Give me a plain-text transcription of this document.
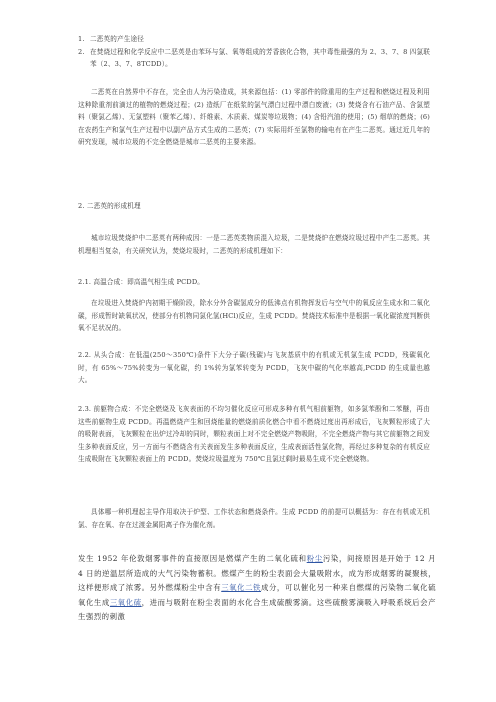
1. 二恶英的产生途径
2. 在焚烧过程和化学反应中二恶英是由苯环与氯、氧等组成的芳香族化合物，其中毒性最强的为 2、3、7、8 四氯联苯（2、3、7、8TCDD）。

二恶英在自然界中不存在，完全由人为污染造成，其来源包括：(1) 零部件的除重用的生产过程和燃烧过程及利用这种除重剂前滴过的植物的燃烧过程；(2) 造纸厂在纸浆的氯气漂白过程中漂白废液；(3) 焚烧含有石油产品、含氯塑料（聚氯乙烯）、无氯塑料（聚苯乙烯）、纤维素、木质素、煤炭等垃圾物；(4) 含铅汽油的使用；(5) 烟草的燃烧；(6) 在农药生产和氯气生产过程中以副产品方式生成的二恶英；(7) 实际用纤至氯物的输电有在产生二恶英。通过近几年的研究发现，城市垃圾的不完全燃烧是城市二恶英的主要来源。

2. 二恶英的形成机理

城市垃圾焚烧炉中二恶英有两种成因：一是二恶英类物质混入垃圾，二是焚烧炉在燃烧垃圾过程中产生二恶英。其机理相当复杂，有关研究认为，焚烧垃圾时，二恶英的形成机理如下：

2.1. 高温合成：即高温气相生成 PCDD。

在垃圾进入焚烧炉内初期干燥阶段，除水分外含碳氢成分的低沸点有机物挥发后与空气中的氧反应生成水和二氧化碳，形成暂时缺氧状况，使部分有机物同氯化氢(HCl)反应，生成 PCDD。焚烧技术标准中是根据一氧化碳浓度判断供氧不足状况的。

2.2. 从头合成：在低温(250～350℃)条件下大分子碳(残碳)与飞灰基质中的有机或无机氯生成 PCDD，残碳氧化时，有 65%～75%转变为一氧化碳，约 1%转为氯苯转变为 PCDD，飞灰中碳的气化率越高,PCDD 的生成量也越大。

2.3. 前躯物合成：不完全燃烧及飞灰表面的不均匀催化反应可形成多种有机气相前躯物，如多氯苯酚和二苯醚，再由这些前躯物生成 PCDD。再温燃烧产生和回烧能量的燃烧前质化燃合中看不燃烧过度出再形成后，飞灰颗粒形成了大的吸附表面，飞灰颗粒在出炉过冷却的同时，颗粒表面上对不完全燃烧产物吸附，不完全燃烧产物与其它前躯物之间发生多种表面反应，另一方面与不燃烧含有关表面发生多种表面反应，生成表面活性氯化物，再经过多种复杂的有机反应生成吸附在飞灰颗粒表面上的 PCDD。焚烧垃圾温度为 750℃且氯过剩时最易生成不完全燃烧物。

具体哪一种机理起主导作用取决于炉型、工作状态和燃烧条件。生成 PCDD 的前提可以概括为：存在有机或无机氯、存在氧、存在过渡金属阳离子作为催化剂。

发生 1952 年伦敦烟雾事件的直接原因是燃煤产生的二氧化硫和粉尘污染，间接原因是开始于 12 月 4 日的逆温层所造成的大气污染物蓄积。燃煤产生的粉尘表面会大量吸附水，成为形成烟雾的凝聚核，这样便形成了浓雾。另外燃煤粉尘中含有三氧化二铁成分，可以催化另一种来自燃煤的污染物二氧化硫氧化生成三氧化硫，进而与吸附在粉尘表面的水化合生成硫酸雾滴。这些硫酸雾滴吸入呼吸系统后会产生强烈的刺激
